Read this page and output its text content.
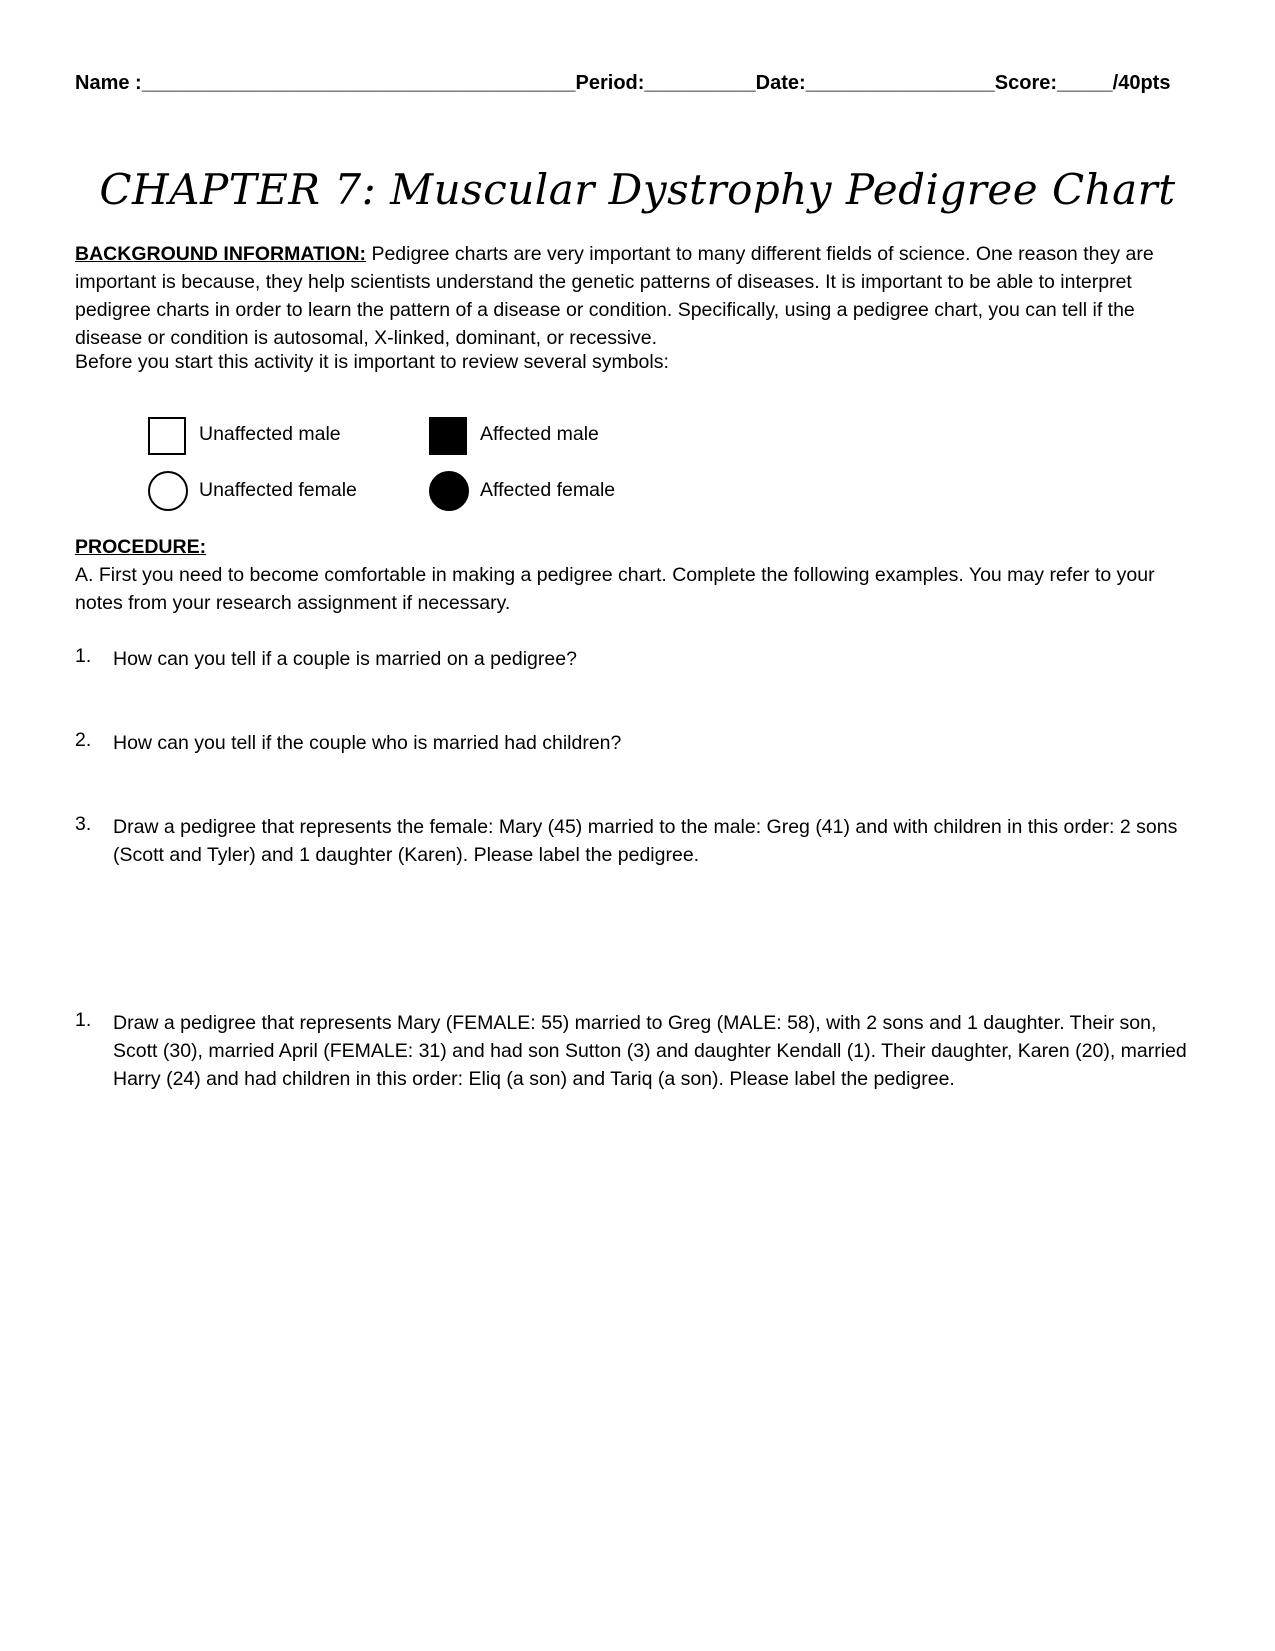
Name :_______________________________________Period:__________Date:_________________Score:_____/40pts
CHAPTER 7: Muscular Dystrophy Pedigree Chart
BACKGROUND INFORMATION: Pedigree charts are very important to many different fields of science. One reason they are important is because, they help scientists understand the genetic patterns of diseases. It is important to be able to interpret pedigree charts in order to learn the pattern of a disease or condition. Specifically, using a pedigree chart, you can tell if the disease or condition is autosomal, X-linked, dominant, or recessive.
Before you start this activity it is important to review several symbols:
Unaffected male	Affected male
Unaffected female	Affected female
PROCEDURE:
A. First you need to become comfortable in making a pedigree chart. Complete the following examples. You may refer to your notes from your research assignment if necessary.
1. How can you tell if a couple is married on a pedigree?
2. How can you tell if the couple who is married had children?
3. Draw a pedigree that represents the female: Mary (45) married to the male: Greg (41) and with children in this order: 2 sons (Scott and Tyler) and 1 daughter (Karen). Please label the pedigree.
1. Draw a pedigree that represents Mary (FEMALE: 55) married to Greg (MALE: 58), with 2 sons and 1 daughter. Their son, Scott (30), married April (FEMALE: 31) and had son Sutton (3) and daughter Kendall (1). Their daughter, Karen (20), married Harry (24) and had children in this order: Eliq (a son) and Tariq (a son). Please label the pedigree.
